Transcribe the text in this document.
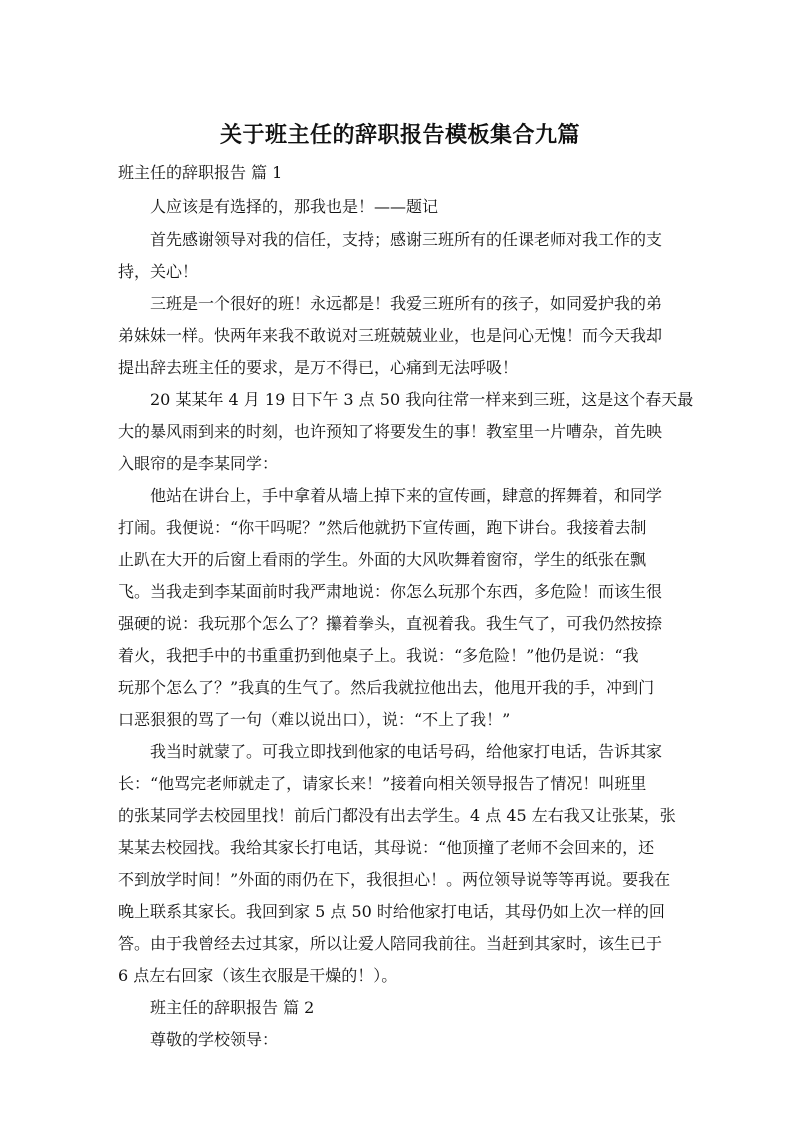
关于班主任的辞职报告模板集合九篇

班主任的辞职报告 篇 1

人应该是有选择的，那我也是！——题记

首先感谢领导对我的信任，支持；感谢三班所有的任课老师对我工作的支

持，关心！

三班是一个很好的班！永远都是！我爱三班所有的孩子，如同爱护我的弟

弟妹妹一样。快两年来我不敢说对三班兢兢业业，也是问心无愧！而今天我却

提出辞去班主任的要求，是万不得已，心痛到无法呼吸！

20 某某年 4 月 19 日下午 3 点 50 我向往常一样来到三班，这是这个春天最

大的暴风雨到来的时刻，也许预知了将要发生的事！教室里一片嘈杂，首先映

入眼帘的是李某同学：

他站在讲台上，手中拿着从墙上掉下来的宣传画，肆意的挥舞着，和同学

打闹。我便说：“你干吗呢？”然后他就扔下宣传画，跑下讲台。我接着去制

止趴在大开的后窗上看雨的学生。外面的大风吹舞着窗帘，学生的纸张在飘

飞。当我走到李某面前时我严肃地说：你怎么玩那个东西，多危险！而该生很

强硬的说：我玩那个怎么了？攥着拳头，直视着我。我生气了，可我仍然按捺

着火，我把手中的书重重扔到他桌子上。我说：“多危险！”他仍是说：“我

玩那个怎么了？”我真的生气了。然后我就拉他出去，他甩开我的手，冲到门

口恶狠狠的骂了一句（难以说出口），说：“不上了我！”

我当时就蒙了。可我立即找到他家的电话号码，给他家打电话，告诉其家

长：“他骂完老师就走了，请家长来！”接着向相关领导报告了情况！叫班里

的张某同学去校园里找！前后门都没有出去学生。4 点 45 左右我又让张某，张

某某去校园找。我给其家长打电话，其母说：“他顶撞了老师不会回来的，还

不到放学时间！”外面的雨仍在下，我很担心！。两位领导说等等再说。要我在

晚上联系其家长。我回到家 5 点 50 时给他家打电话，其母仍如上次一样的回

答。由于我曾经去过其家，所以让爱人陪同我前往。当赶到其家时，该生已于

6 点左右回家（该生衣服是干燥的！）。

班主任的辞职报告 篇 2

尊敬的学校领导：
